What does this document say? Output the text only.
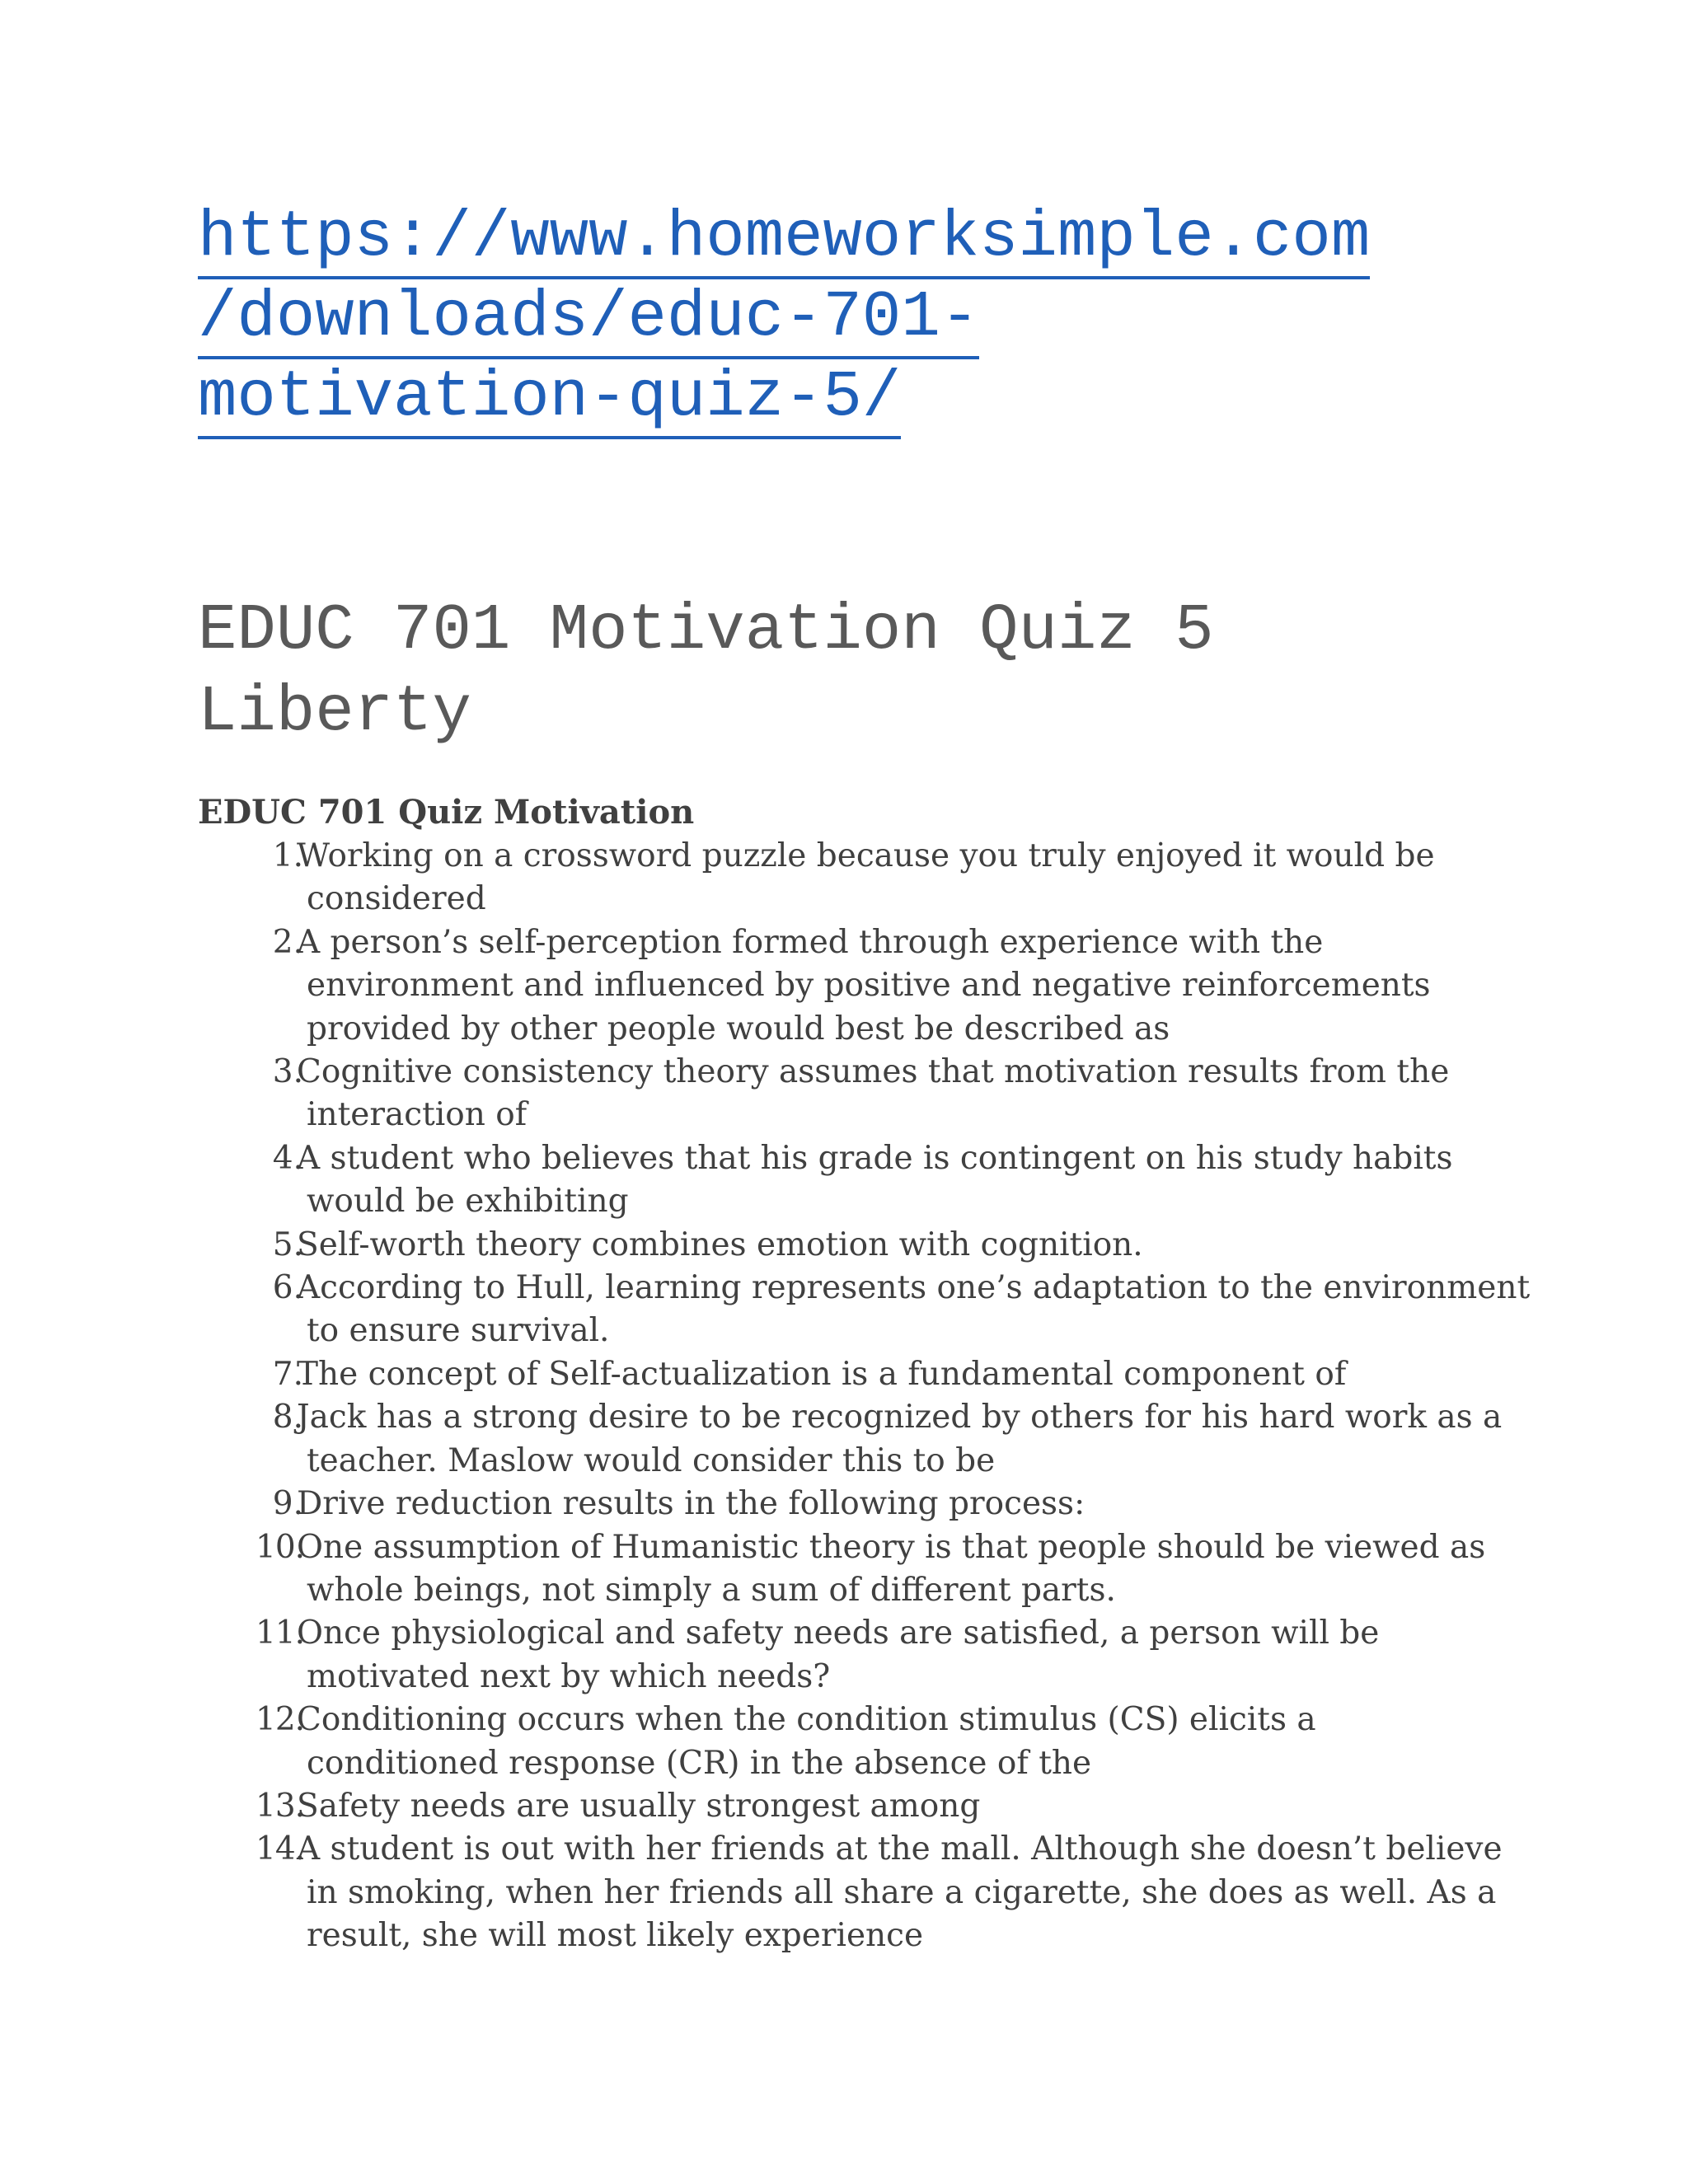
https://www.homeworksimple.com
/downloads/educ-701-
motivation-quiz-5/
EDUC 701 Motivation Quiz 5
Liberty
EDUC 701 Quiz Motivation
1.
Working on a crossword puzzle because you truly enjoyed it would be
considered
2.
A person’s self-perception formed through experience with the
environment and influenced by positive and negative reinforcements
provided by other people would best be described as
3.
Cognitive consistency theory assumes that motivation results from the
interaction of
4.
A student who believes that his grade is contingent on his study habits
would be exhibiting
5.
Self-worth theory combines emotion with cognition.
6.
According to Hull, learning represents one’s adaptation to the environment
to ensure survival.
7.
The concept of Self-actualization is a fundamental component of
8.
Jack has a strong desire to be recognized by others for his hard work as a
teacher. Maslow would consider this to be
9.
Drive reduction results in the following process:
10.
One assumption of Humanistic theory is that people should be viewed as
whole beings, not simply a sum of different parts.
11.
Once physiological and safety needs are satisfied, a person will be
motivated next by which needs?
12.
Conditioning occurs when the condition stimulus (CS) elicits a
conditioned response (CR) in the absence of the
13.
Safety needs are usually strongest among
14.
A student is out with her friends at the mall. Although she doesn’t believe
in smoking, when her friends all share a cigarette, she does as well. As a
result, she will most likely experience
